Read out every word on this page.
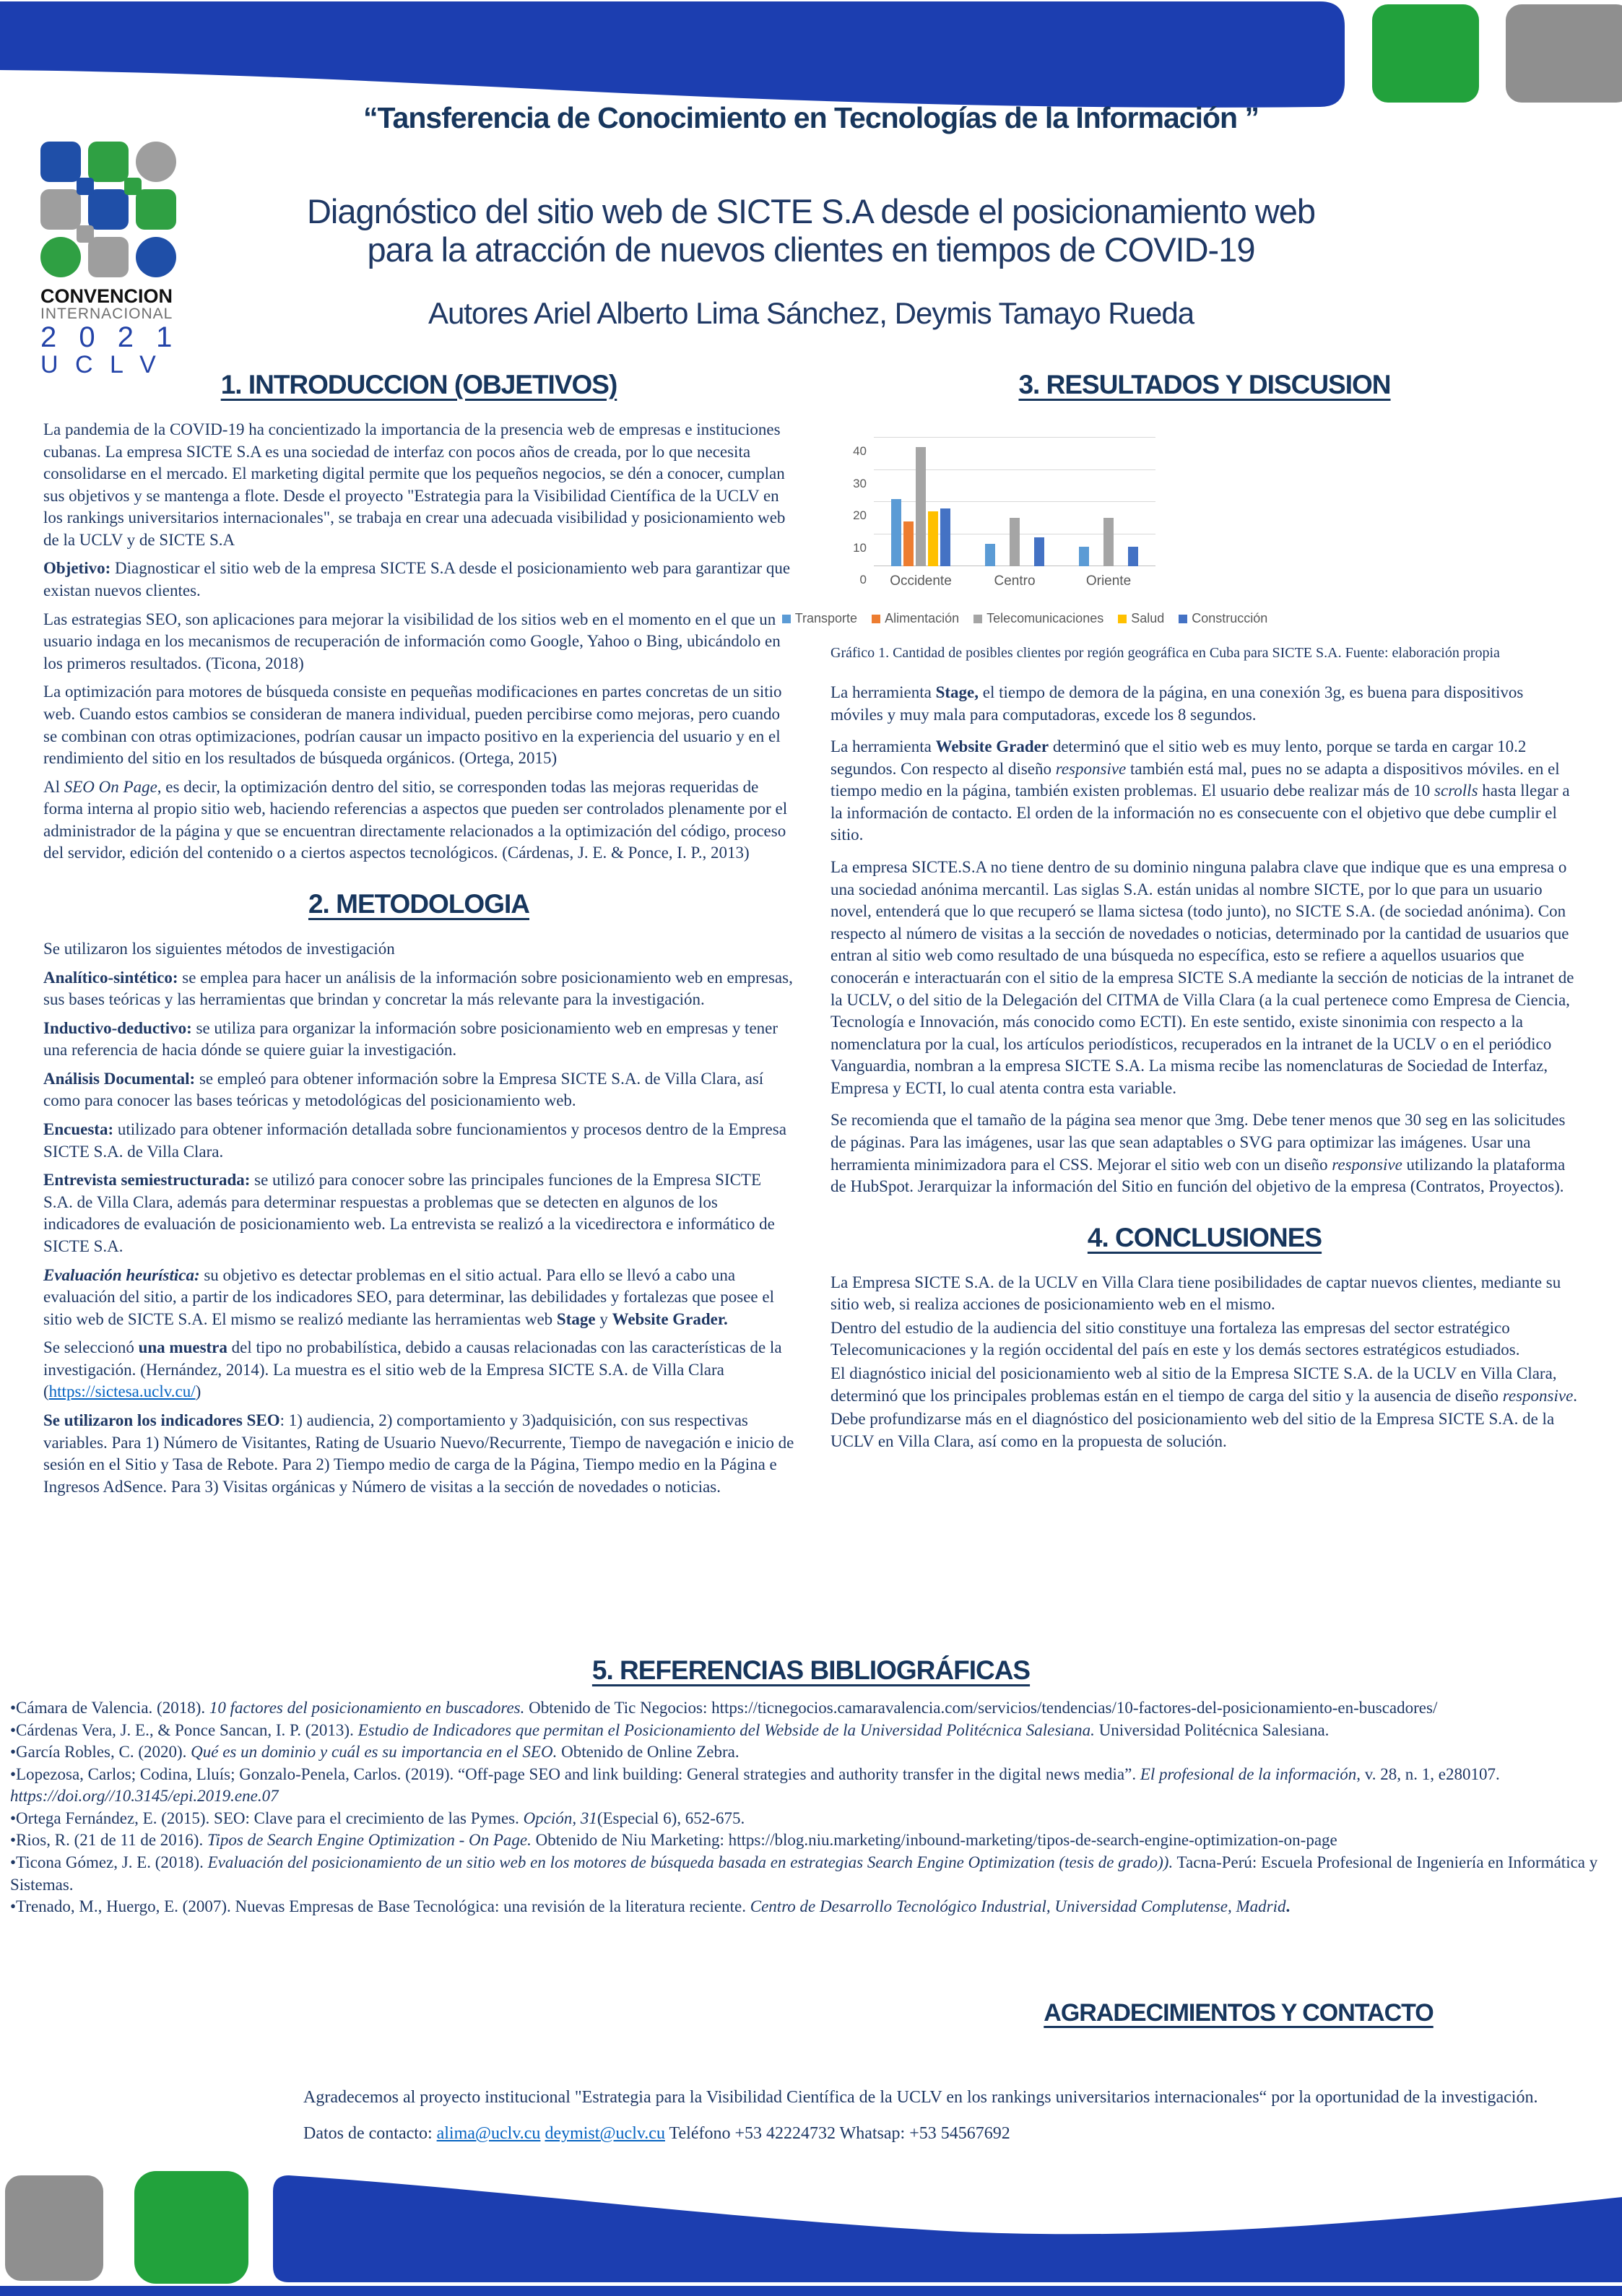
“Tansferencia de Conocimiento en Tecnologías de la Información ”
CONVENCION
INTERNACIONAL
2 0 2 1
U C L V
Diagnóstico del sitio web de SICTE S.A desde el posicionamiento web
para la atracción de nuevos clientes en tiempos de COVID-19
Autores Ariel Alberto Lima Sánchez, Deymis Tamayo Rueda
1. INTRODUCCION (OBJETIVOS)

La pandemia de la COVID-19 ha concientizado la importancia de la presencia web de empresas e instituciones cubanas. La empresa SICTE S.A es una sociedad de interfaz con pocos años de creada, por lo que necesita consolidarse en el mercado. El marketing digital permite que los pequeños negocios, se dén a conocer, cumplan sus objetivos y se mantenga a flote. Desde el proyecto "Estrategia para la Visibilidad Científica de la UCLV en los rankings universitarios internacionales", se trabaja en crear una adecuada visibilidad y posicionamiento web de la UCLV y de SICTE S.A

Objetivo: Diagnosticar el sitio web de la empresa SICTE S.A desde el posicionamiento web para garantizar que existan nuevos clientes.

Las estrategias SEO, son aplicaciones para mejorar la visibilidad de los sitios web en el momento en el que un usuario indaga en los mecanismos de recuperación de información como Google, Yahoo o Bing, ubicándolo en los primeros resultados. (Ticona, 2018)

La optimización para motores de búsqueda consiste en pequeñas modificaciones en partes concretas de un sitio web. Cuando estos cambios se consideran de manera individual, pueden percibirse como mejoras, pero cuando se combinan con otras optimizaciones, podrían causar un impacto positivo en la experiencia del usuario y en el rendimiento del sitio en los resultados de búsqueda orgánicos. (Ortega, 2015)

Al SEO On Page, es decir, la optimización dentro del sitio, se corresponden todas las mejoras requeridas de forma interna al propio sitio web, haciendo referencias a aspectos que pueden ser controlados plenamente por el administrador de la página y que se encuentran directamente relacionados a la optimización del código, proceso del servidor, edición del contenido o a ciertos aspectos tecnológicos. (Cárdenas, J. E. & Ponce, I. P., 2013)

2. METODOLOGIA

Se utilizaron los siguientes métodos de investigación

Analítico-sintético: se emplea para hacer un análisis de la información sobre posicionamiento web en empresas, sus bases teóricas y las herramientas que brindan y concretar la más relevante para la investigación.

Inductivo-deductivo: se utiliza para organizar la información sobre posicionamiento web en empresas y tener una referencia de hacia dónde se quiere guiar la investigación.

Análisis Documental: se empleó para obtener información sobre la Empresa SICTE S.A. de Villa Clara, así como para conocer las bases teóricas y metodológicas del posicionamiento web.

Encuesta: utilizado para obtener información detallada sobre funcionamientos y procesos dentro de la Empresa SICTE S.A. de Villa Clara.

Entrevista semiestructurada: se utilizó para conocer sobre las principales funciones de la Empresa SICTE S.A. de Villa Clara, además para determinar respuestas a problemas que se detecten en algunos de los indicadores de evaluación de posicionamiento web. La entrevista se realizó a la vicedirectora e informático de SICTE S.A.

Evaluación heurística: su objetivo es detectar problemas en el sitio actual. Para ello se llevó a cabo una evaluación del sitio, a partir de los indicadores SEO, para determinar, las debilidades y fortalezas que posee el sitio web de SICTE S.A. El mismo se realizó mediante las herramientas web Stage y Website Grader.

Se seleccionó una muestra del tipo no probabilística, debido a causas relacionadas con las características de la investigación. (Hernández, 2014). La muestra es el sitio web de la Empresa SICTE S.A. de Villa Clara (https://sictesa.uclv.cu/)

Se utilizaron los indicadores SEO: 1) audiencia, 2) comportamiento y 3)adquisición, con sus respectivas variables. Para 1) Número de Visitantes, Rating de Usuario Nuevo/Recurrente, Tiempo de navegación e inicio de sesión en el Sitio y Tasa de Rebote. Para 2) Tiempo medio de carga de la Página, Tiempo medio en la Página e Ingresos AdSence. Para 3) Visitas orgánicas y Número de visitas a la sección de novedades o noticias.

3. RESULTADOS Y DISCUSION
0
10
20
30
40
Occidente	Centro	Oriente
Transporte Alimentación Telecomunicaciones Salud Construcción

Gráfico 1. Cantidad de posibles clientes por región geográfica en Cuba para SICTE S.A. Fuente: elaboración propia

La herramienta Stage, el tiempo de demora de la página, en una conexión 3g, es buena para dispositivos móviles y muy mala para computadoras, excede los 8 segundos.

La herramienta Website Grader determinó que el sitio web es muy lento, porque se tarda en cargar 10.2 segundos. Con respecto al diseño responsive también está mal, pues no se adapta a dispositivos móviles. en el tiempo medio en la página, también existen problemas. El usuario debe realizar más de 10 scrolls hasta llegar a la información de contacto. El orden de la información no es consecuente con el objetivo que debe cumplir el sitio.

La empresa SICTE.S.A no tiene dentro de su dominio ninguna palabra clave que indique que es una empresa o una sociedad anónima mercantil. Las siglas S.A. están unidas al nombre SICTE, por lo que para un usuario novel, entenderá que lo que recuperó se llama sictesa (todo junto), no SICTE S.A. (de sociedad anónima). Con respecto al número de visitas a la sección de novedades o noticias, determinado por la cantidad de usuarios que entran al sitio web como resultado de una búsqueda no específica, esto se refiere a aquellos usuarios que conocerán e interactuarán con el sitio de la empresa SICTE S.A mediante la sección de noticias de la intranet de la UCLV, o del sitio de la Delegación del CITMA de Villa Clara (a la cual pertenece como Empresa de Ciencia, Tecnología e Innovación, más conocido como ECTI). En este sentido, existe sinonimia con respecto a la nomenclatura por la cual, los artículos periodísticos, recuperados en la intranet de la UCLV o en el periódico Vanguardia, nombran a la empresa SICTE S.A. La misma recibe las nomenclaturas de Sociedad de Interfaz, Empresa y ECTI, lo cual atenta contra esta variable.

Se recomienda que el tamaño de la página sea menor que 3mg. Debe tener menos que 30 seg en las solicitudes de páginas. Para las imágenes, usar las que sean adaptables o SVG para optimizar las imágenes. Usar una herramienta minimizadora para el CSS. Mejorar el sitio web con un diseño responsive utilizando la plataforma de HubSpot. Jerarquizar la información del Sitio en función del objetivo de la empresa (Contratos, Proyectos).

4. CONCLUSIONES

La Empresa SICTE S.A. de la UCLV en Villa Clara tiene posibilidades de captar nuevos clientes, mediante su sitio web, si realiza acciones de posicionamiento web en el mismo.

Dentro del estudio de la audiencia del sitio constituye una fortaleza las empresas del sector estratégico Telecomunicaciones y la región occidental del país en este y los demás sectores estratégicos estudiados.

El diagnóstico inicial del posicionamiento web al sitio de la Empresa SICTE S.A. de la UCLV en Villa Clara, determinó que los principales problemas están en el tiempo de carga del sitio y la ausencia de diseño responsive.

Debe profundizarse más en el diagnóstico del posicionamiento web del sitio de la Empresa SICTE S.A. de la UCLV en Villa Clara, así como en la propuesta de solución.

5. REFERENCIAS BIBLIOGRÁFICAS

•Cámara de Valencia. (2018). 10 factores del posicionamiento en buscadores. Obtenido de Tic Negocios: https://ticnegocios.camaravalencia.com/servicios/tendencias/10-factores-del-posicionamiento-en-buscadores/

•Cárdenas Vera, J. E., & Ponce Sancan, I. P. (2013). Estudio de Indicadores que permitan el Posicionamiento del Webside de la Universidad Politécnica Salesiana. Universidad Politécnica Salesiana.

•García Robles, C. (2020). Qué es un dominio y cuál es su importancia en el SEO. Obtenido de Online Zebra.

•Lopezosa, Carlos; Codina, Lluís; Gonzalo-Penela, Carlos. (2019). “Off-page SEO and link building: General strategies and authority transfer in the digital news media”. El profesional de la información, v. 28, n. 1, e280107.

https://doi.org//10.3145/epi.2019.ene.07

•Ortega Fernández, E. (2015). SEO: Clave para el crecimiento de las Pymes. Opción, 31(Especial 6), 652-675.

•Rios, R. (21 de 11 de 2016). Tipos de Search Engine Optimization - On Page. Obtenido de Niu Marketing: https://blog.niu.marketing/inbound-marketing/tipos-de-search-engine-optimization-on-page

•Ticona Gómez, J. E. (2018). Evaluación del posicionamiento de un sitio web en los motores de búsqueda basada en estrategias Search Engine Optimization (tesis de grado)). Tacna-Perú: Escuela Profesional de Ingeniería en Informática y Sistemas.

•Trenado, M., Huergo, E. (2007). Nuevas Empresas de Base Tecnológica: una revisión de la literatura reciente. Centro de Desarrollo Tecnológico Industrial, Universidad Complutense, Madrid.

AGRADECIMIENTOS Y CONTACTO

Agradecemos al proyecto institucional "Estrategia para la Visibilidad Científica de la UCLV en los rankings universitarios internacionales“ por la oportunidad de la investigación.

Datos de contacto: alima@uclv.cu deymist@uclv.cu Teléfono +53 42224732 Whatsap: +53 54567692
